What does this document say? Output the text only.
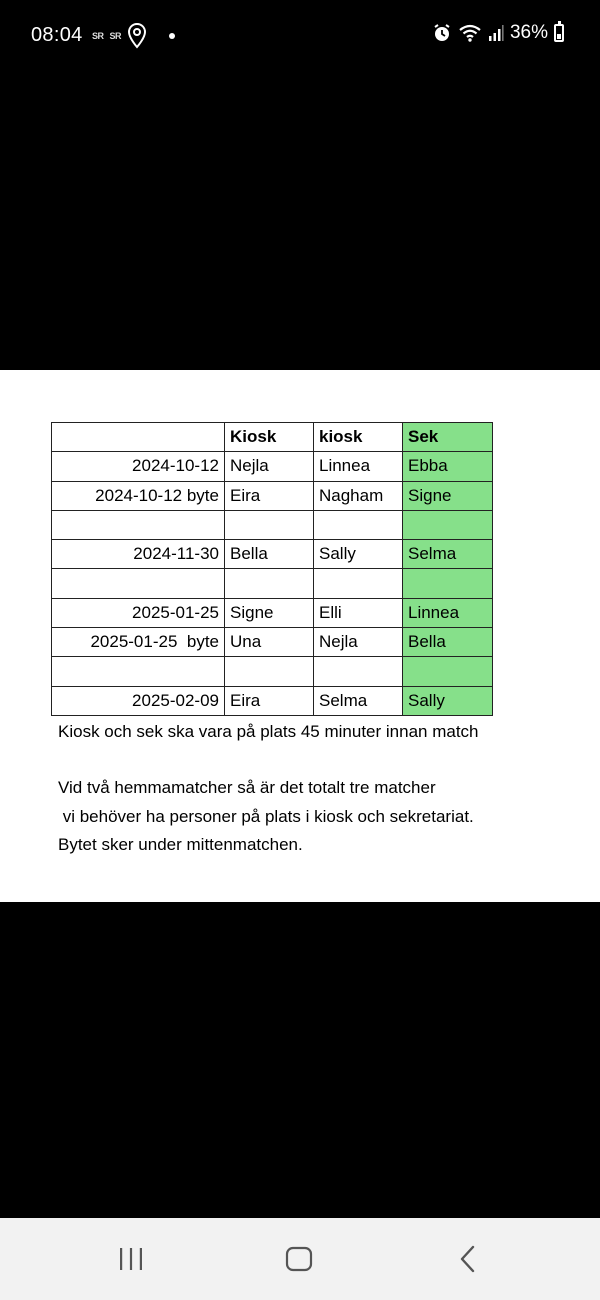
08:04 SR SR	36%
	Kiosk	kiosk	Sek
2024-10-12	Nejla	Linnea	Ebba
2024-10-12 byte	Eira	Nagham	Signe

2024-11-30	Bella	Sally	Selma

2025-01-25	Signe	Elli	Linnea
2025-01-25  byte	Una	Nejla	Bella

2025-02-09	Eira	Selma	Sally
Kiosk och sek ska vara på plats 45 minuter innan match
Vid två hemmamatcher så är det totalt tre matcher
vi behöver ha personer på plats i kiosk och sekretariat.
Bytet sker under mittenmatchen.
